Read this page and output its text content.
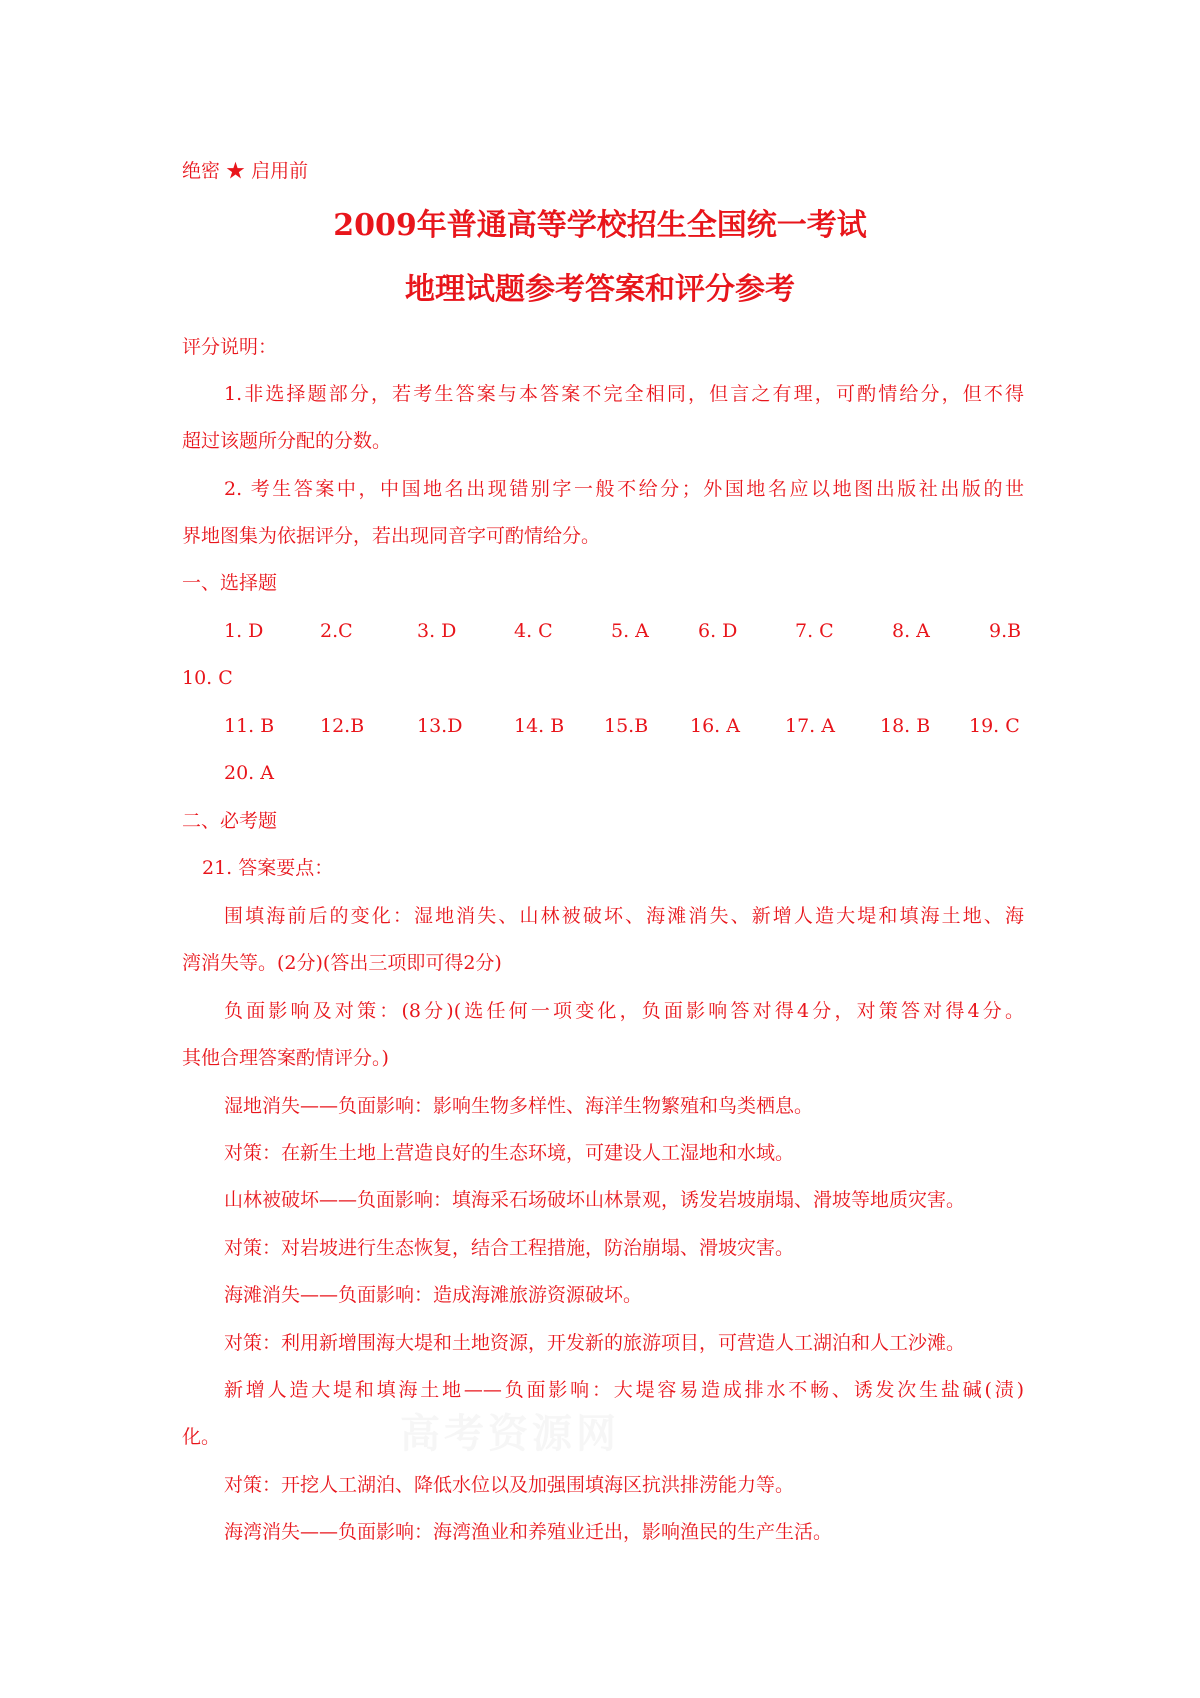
高考资源网
绝密 ★ 启用前
2009年普通高等学校招生全国统一考试
地理试题参考答案和评分参考
评分说明：
1.非选择题部分，若考生答案与本答案不完全相同，但言之有理，可酌情给分，但不得
超过该题所分配的分数。
2. 考生答案中，中国地名出现错别字一般不给分；外国地名应以地图出版社出版的世
界地图集为依据评分，若出现同音字可酌情给分。
一、选择题
1. D	2.C	3. D	4. C	5. A	6. D	7. C	8. A	9.B
10. C
11. B 12.B	13.D	14. B 15.B 16. A 17. A 18. B 19. C
20. A
二、必考题
21. 答案要点：
围填海前后的变化：湿地消失、山林被破坏、海滩消失、新增人造大堤和填海土地、海
湾消失等。(2分)(答出三项即可得2分)
负面影响及对策：(8分)(选任何一项变化，负面影响答对得4分，对策答对得4分。
其他合理答案酌情评分。)
湿地消失——负面影响：影响生物多样性、海洋生物繁殖和鸟类栖息。
对策：在新生土地上营造良好的生态环境，可建设人工湿地和水域。
山林被破坏——负面影响：填海采石场破坏山林景观，诱发岩坡崩塌、滑坡等地质灾害。
对策：对岩坡进行生态恢复，结合工程措施，防治崩塌、滑坡灾害。
海滩消失——负面影响：造成海滩旅游资源破坏。
对策：利用新增围海大堤和土地资源，开发新的旅游项目，可营造人工湖泊和人工沙滩。
新增人造大堤和填海土地——负面影响：大堤容易造成排水不畅、诱发次生盐碱(渍)
化。
对策：开挖人工湖泊、降低水位以及加强围填海区抗洪排涝能力等。
海湾消失——负面影响：海湾渔业和养殖业迁出，影响渔民的生产生活。
